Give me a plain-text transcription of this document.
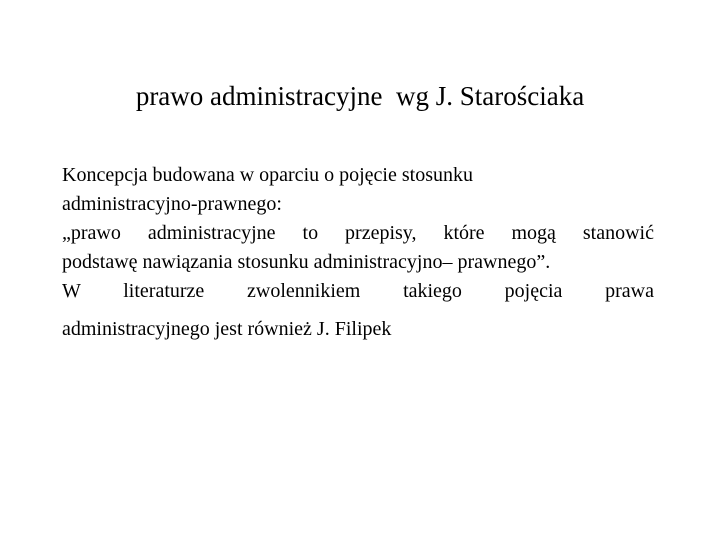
prawo administracyjne  wg J. Starościaka
Koncepcja budowana w oparciu o pojęcie stosunku
administracyjno-prawnego:
„prawo administracyjne to przepisy, które mogą stanowić
podstawę nawiązania stosunku administracyjno– prawnego”.
W literaturze zwolennikiem takiego pojęcia prawa
administracyjnego jest również J. Filipek
